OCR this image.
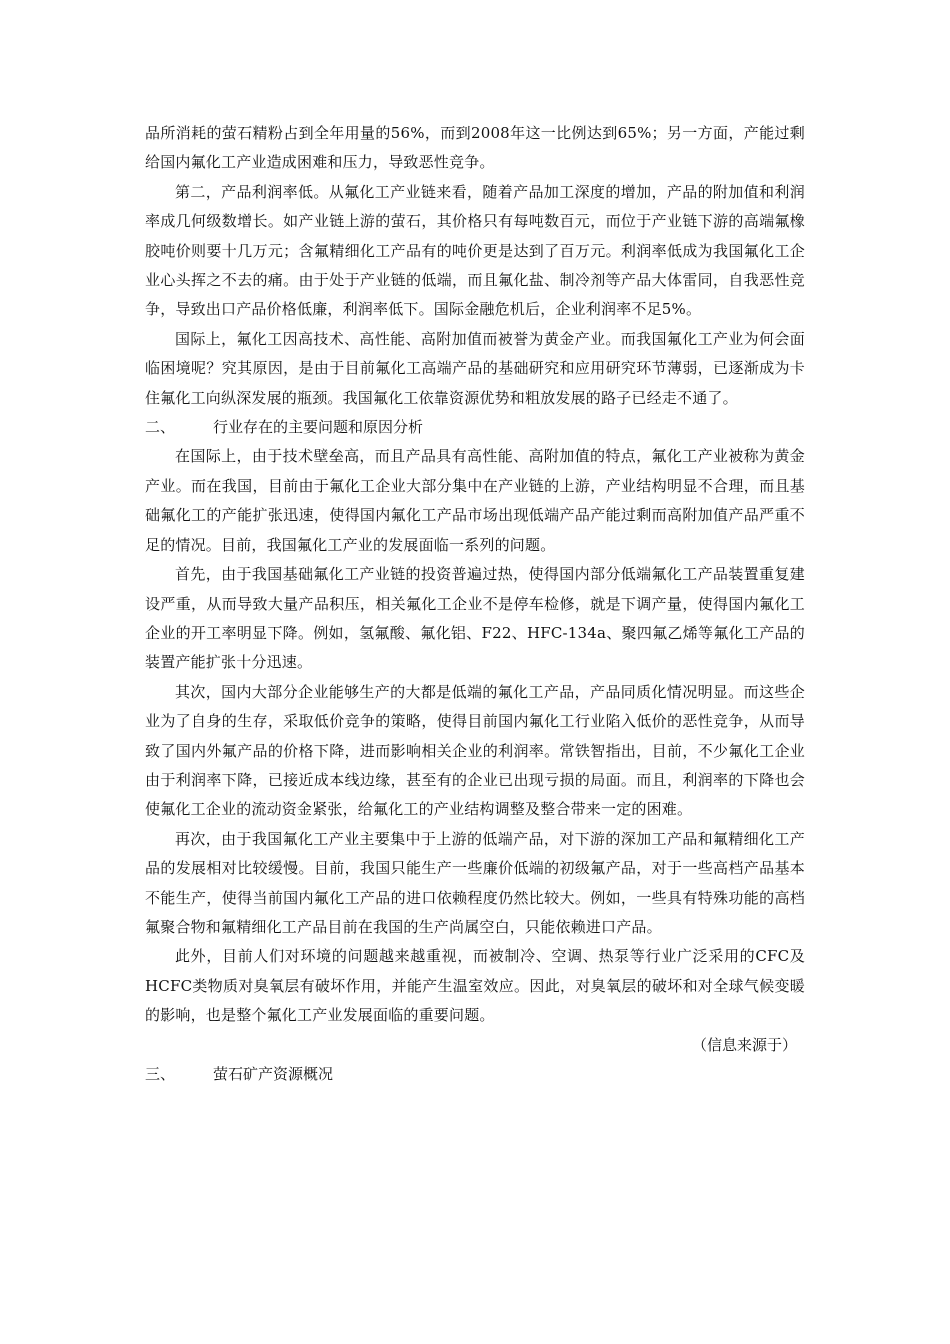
品所消耗的萤石精粉占到全年用量的56%，而到2008年这一比例达到65%；另一方面，产能过剩给国内氟化工产业造成困难和压力，导致恶性竞争。

第二，产品利润率低。从氟化工产业链来看，随着产品加工深度的增加，产品的附加值和利润率成几何级数增长。如产业链上游的萤石，其价格只有每吨数百元，而位于产业链下游的高端氟橡胶吨价则要十几万元；含氟精细化工产品有的吨价更是达到了百万元。利润率低成为我国氟化工企业心头挥之不去的痛。由于处于产业链的低端，而且氟化盐、制冷剂等产品大体雷同，自我恶性竞争，导致出口产品价格低廉，利润率低下。国际金融危机后，企业利润率不足5%。

国际上，氟化工因高技术、高性能、高附加值而被誉为黄金产业。而我国氟化工产业为何会面临困境呢？究其原因，是由于目前氟化工高端产品的基础研究和应用研究环节薄弱，已逐渐成为卡住氟化工向纵深发展的瓶颈。我国氟化工依靠资源优势和粗放发展的路子已经走不通了。

二、	行业存在的主要问题和原因分析

在国际上，由于技术壁垒高，而且产品具有高性能、高附加值的特点，氟化工产业被称为黄金产业。而在我国，目前由于氟化工企业大部分集中在产业链的上游，产业结构明显不合理，而且基础氟化工的产能扩张迅速，使得国内氟化工产品市场出现低端产品产能过剩而高附加值产品严重不足的情况。目前，我国氟化工产业的发展面临一系列的问题。

首先，由于我国基础氟化工产业链的投资普遍过热，使得国内部分低端氟化工产品装置重复建设严重，从而导致大量产品积压，相关氟化工企业不是停车检修，就是下调产量，使得国内氟化工企业的开工率明显下降。例如，氢氟酸、氟化铝、F22、HFC-134a、聚四氟乙烯等氟化工产品的装置产能扩张十分迅速。

其次，国内大部分企业能够生产的大都是低端的氟化工产品，产品同质化情况明显。而这些企业为了自身的生存，采取低价竞争的策略，使得目前国内氟化工行业陷入低价的恶性竞争，从而导致了国内外氟产品的价格下降，进而影响相关企业的利润率。常铁智指出，目前，不少氟化工企业由于利润率下降，已接近成本线边缘，甚至有的企业已出现亏损的局面。而且，利润率的下降也会使氟化工企业的流动资金紧张，给氟化工的产业结构调整及整合带来一定的困难。

再次，由于我国氟化工产业主要集中于上游的低端产品，对下游的深加工产品和氟精细化工产品的发展相对比较缓慢。目前，我国只能生产一些廉价低端的初级氟产品，对于一些高档产品基本不能生产，使得当前国内氟化工产品的进口依赖程度仍然比较大。例如，一些具有特殊功能的高档氟聚合物和氟精细化工产品目前在我国的生产尚属空白，只能依赖进口产品。

此外，目前人们对环境的问题越来越重视，而被制冷、空调、热泵等行业广泛采用的CFC及HCFC类物质对臭氧层有破坏作用，并能产生温室效应。因此，对臭氧层的破坏和对全球气候变暖的影响，也是整个氟化工产业发展面临的重要问题。

（信息来源于）

三、	萤石矿产资源概况
